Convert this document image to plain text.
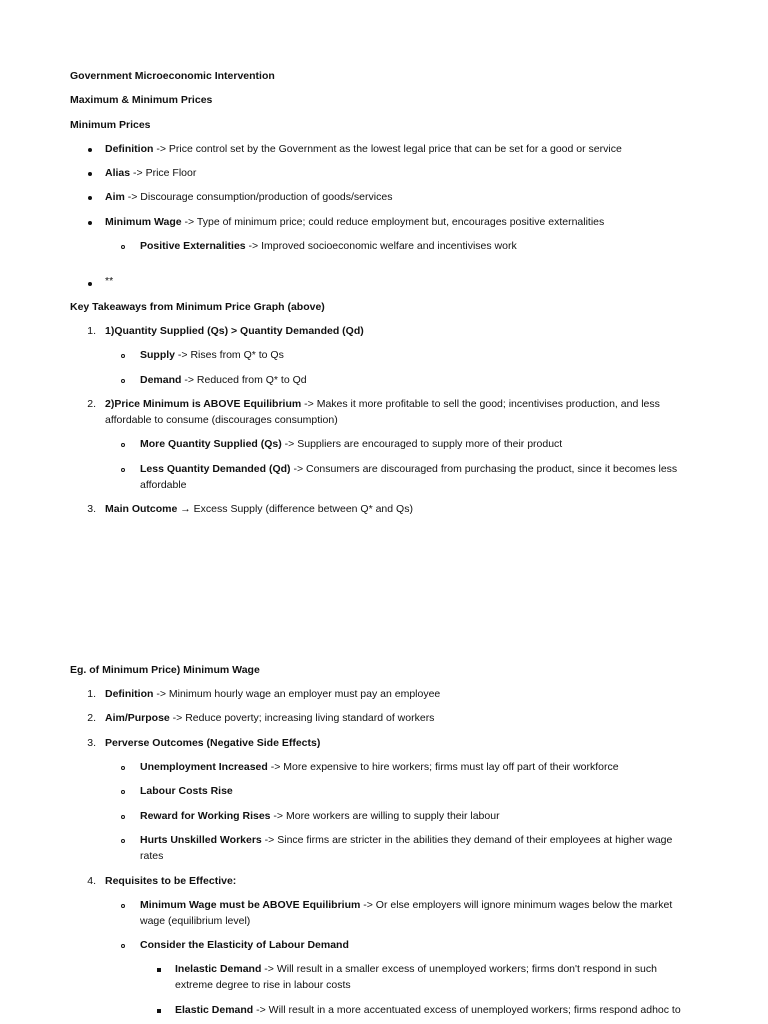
Government Microeconomic Intervention
Maximum & Minimum Prices
Minimum Prices
Definition -> Price control set by the Government as the lowest legal price that can be set for a good or service
Alias -> Price Floor
Aim -> Discourage consumption/production of goods/services
Minimum Wage -> Type of minimum price; could reduce employment but, encourages positive externalities
Positive Externalities -> Improved socioeconomic welfare and incentivises work
**
Key Takeaways from Minimum Price Graph (above)
1. 1)Quantity Supplied (Qs) > Quantity Demanded (Qd)
Supply -> Rises from Q* to Qs
Demand -> Reduced from Q* to Qd
2. 2)Price Minimum is ABOVE Equilibrium -> Makes it more profitable to sell the good; incentivises production, and less
affordable to consume (discourages consumption)
More Quantity Supplied (Qs) -> Suppliers are encouraged to supply more of their product
Less Quantity Demanded (Qd) -> Consumers are discouraged from purchasing the product, since it becomes less
affordable
3. Main Outcome → Excess Supply (difference between Q* and Qs)
Eg. of Minimum Price) Minimum Wage
1. Definition -> Minimum hourly wage an employer must pay an employee
2. Aim/Purpose -> Reduce poverty; increasing living standard of workers
3. Perverse Outcomes (Negative Side Effects)
Unemployment Increased -> More expensive to hire workers; firms must lay off part of their workforce
Labour Costs Rise
Reward for Working Rises -> More workers are willing to supply their labour
Hurts Unskilled Workers -> Since firms are stricter in the abilities they demand of their employees at higher wage
rates
4. Requisites to be Effective:
Minimum Wage must be ABOVE Equilibrium -> Or else employers will ignore minimum wages below the market
wage (equilibrium level)
Consider the Elasticity of Labour Demand
Inelastic Demand -> Will result in a smaller excess of unemployed workers; firms don't respond in such
extreme degree to rise in labour costs
Elastic Demand -> Will result in a more accentuated excess of unemployed workers; firms respond adhoc to
